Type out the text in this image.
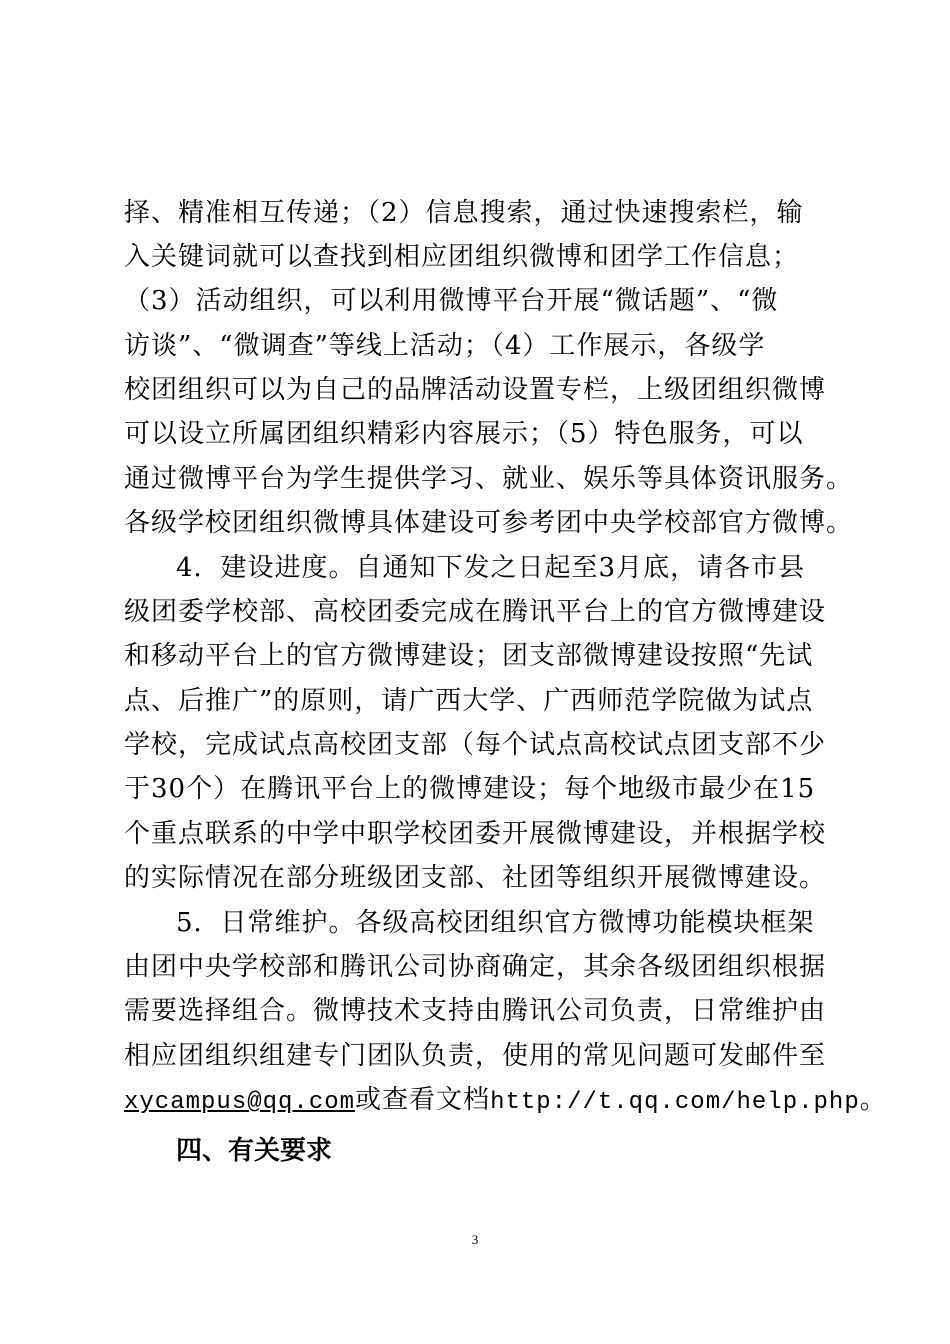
择、精准相互传递；（2）信息搜索，通过快速搜索栏，输
入关键词就可以查找到相应团组织微博和团学工作信息；
（3）活动组织，可以利用微博平台开展“微话题”、“微
访谈”、“微调查”等线上活动；（4）工作展示，各级学
校团组织可以为自己的品牌活动设置专栏，上级团组织微博
可以设立所属团组织精彩内容展示；（5）特色服务，可以
通过微博平台为学生提供学习、就业、娱乐等具体资讯服务。
各级学校团组织微博具体建设可参考团中央学校部官方微博。
4．建设进度。自通知下发之日起至3月底，请各市县
级团委学校部、高校团委完成在腾讯平台上的官方微博建设
和移动平台上的官方微博建设；团支部微博建设按照“先试
点、后推广”的原则，请广西大学、广西师范学院做为试点
学校，完成试点高校团支部（每个试点高校试点团支部不少
于30个）在腾讯平台上的微博建设；每个地级市最少在15
个重点联系的中学中职学校团委开展微博建设，并根据学校
的实际情况在部分班级团支部、社团等组织开展微博建设。
5．日常维护。各级高校团组织官方微博功能模块框架
由团中央学校部和腾讯公司协商确定，其余各级团组织根据
需要选择组合。微博技术支持由腾讯公司负责，日常维护由
相应团组织组建专门团队负责，使用的常见问题可发邮件至
xycampus@qq.com或查看文档http://t.qq.com/help.php。
四、有关要求
3
